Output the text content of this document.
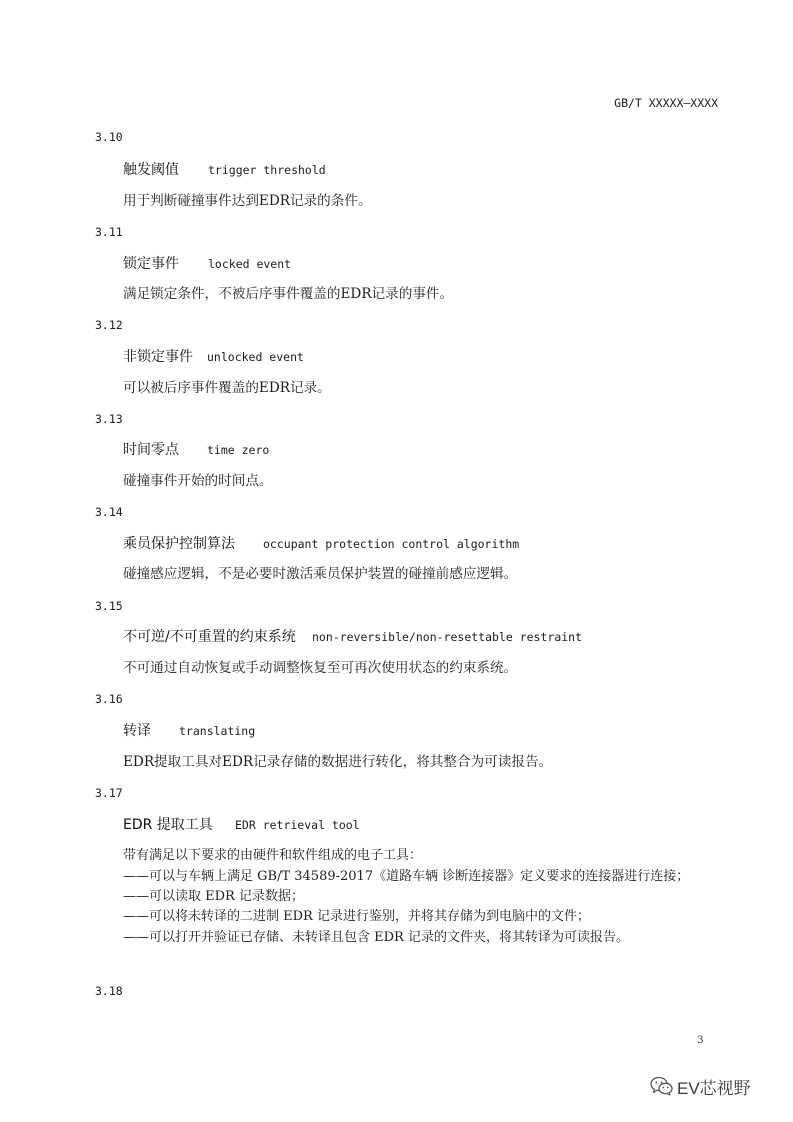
GB/T XXXXX—XXXX
3.10
触发阈值	trigger threshold
用于判断碰撞事件达到EDR记录的条件。
3.11
锁定事件	locked event
满足锁定条件，不被后序事件覆盖的EDR记录的事件。
3.12
非锁定事件 unlocked event
可以被后序事件覆盖的EDR记录。
3.13
时间零点 time zero
碰撞事件开始的时间点。
3.14
乘员保护控制算法 occupant protection control algorithm
碰撞感应逻辑，不是必要时激活乘员保护装置的碰撞前感应逻辑。
3.15
不可逆/不可重置的约束系统 non-reversible/non-resettable restraint
不可通过自动恢复或手动调整恢复至可再次使用状态的约束系统。
3.16
转译 translating
EDR提取工具对EDR记录存储的数据进行转化，将其整合为可读报告。
3.17
EDR 提取工具 EDR retrieval tool
带有满足以下要求的由硬件和软件组成的电子工具：
——可以与车辆上满足 GB/T 34589-2017《道路车辆 诊断连接器》定义要求的连接器进行连接；
——可以读取 EDR 记录数据；
——可以将未转译的二进制 EDR 记录进行鉴别，并将其存储为到电脑中的文件；
——可以打开并验证已存储、未转译且包含 EDR 记录的文件夹，将其转译为可读报告。
3.18
3
EV芯视野
